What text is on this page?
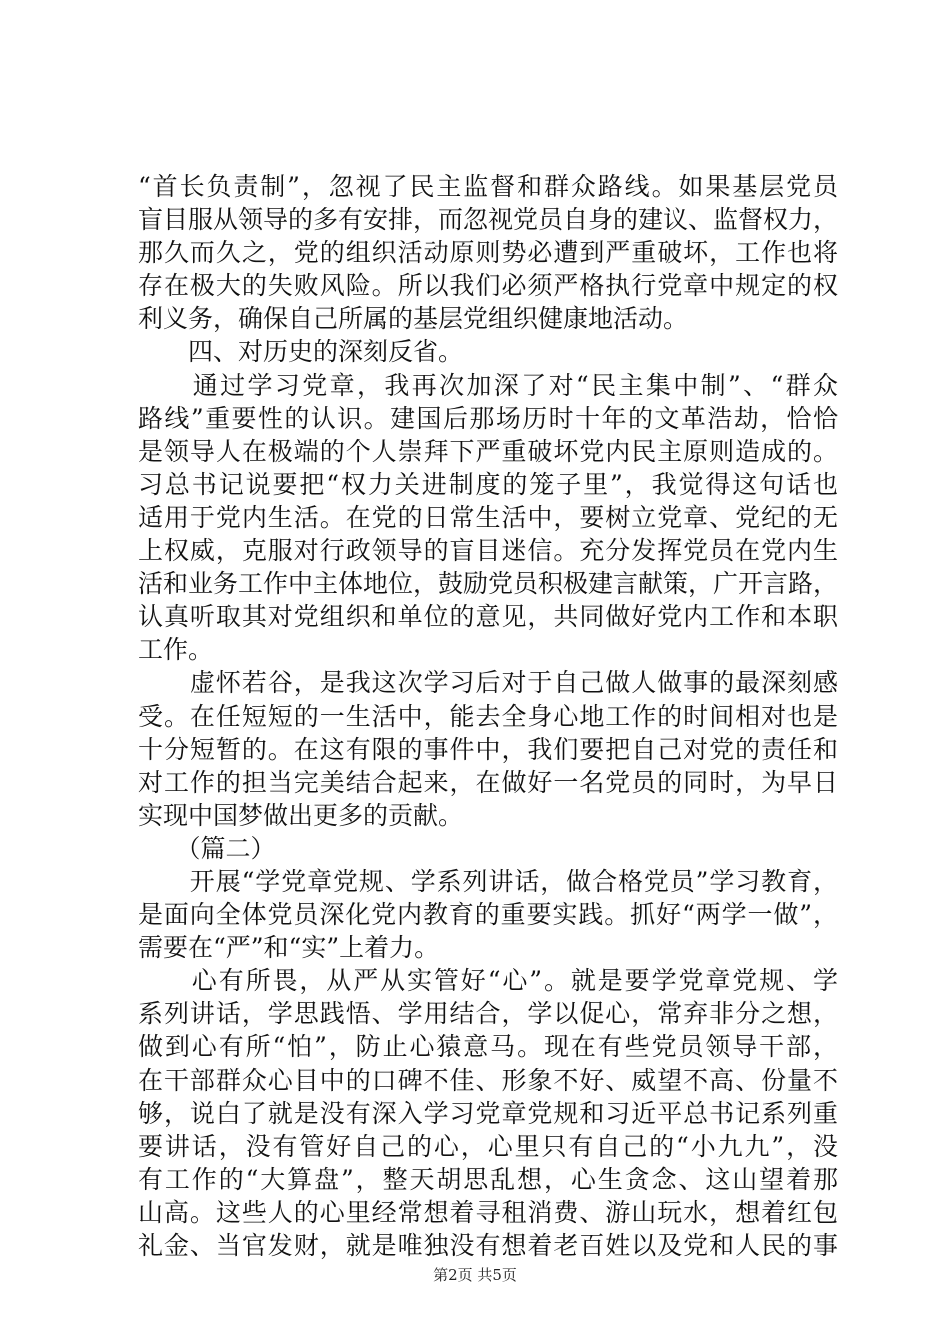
“首长负责制”，忽视了民主监督和群众路线。如果基层党员
盲目服从领导的多有安排，而忽视党员自身的建议、监督权力，
那久而久之，党的组织活动原则势必遭到严重破坏，工作也将
存在极大的失败风险。所以我们必须严格执行党章中规定的权
利义务，确保自己所属的基层党组织健康地活动。
　　四、对历史的深刻反省。
　　通过学习党章，我再次加深了对“民主集中制”、“群众
路线”重要性的认识。建国后那场历时十年的文革浩劫，恰恰
是领导人在极端的个人崇拜下严重破坏党内民主原则造成的。
习总书记说要把“权力关进制度的笼子里”，我觉得这句话也
适用于党内生活。在党的日常生活中，要树立党章、党纪的无
上权威，克服对行政领导的盲目迷信。充分发挥党员在党内生
活和业务工作中主体地位，鼓励党员积极建言献策，广开言路，
认真听取其对党组织和单位的意见，共同做好党内工作和本职
工作。
　　虚怀若谷，是我这次学习后对于自己做人做事的最深刻感
受。在任短短的一生活中，能去全身心地工作的时间相对也是
十分短暂的。在这有限的事件中，我们要把自己对党的责任和
对工作的担当完美结合起来，在做好一名党员的同时，为早日
实现中国梦做出更多的贡献。
　　（篇二）
　　开展“学党章党规、学系列讲话，做合格党员”学习教育，
是面向全体党员深化党内教育的重要实践。抓好“两学一做”，
需要在“严”和“实”上着力。
　　心有所畏，从严从实管好“心”。就是要学党章党规、学
系列讲话，学思践悟、学用结合，学以促心，常弃非分之想，
做到心有所“怕”，防止心猿意马。现在有些党员领导干部，
在干部群众心目中的口碑不佳、形象不好、威望不高、份量不
够，说白了就是没有深入学习党章党规和习近平总书记系列重
要讲话，没有管好自己的心，心里只有自己的“小九九”，没
有工作的“大算盘”，整天胡思乱想，心生贪念、这山望着那
山高。这些人的心里经常想着寻租消费、游山玩水，想着红包
礼金、当官发财，就是唯独没有想着老百姓以及党和人民的事
第2页 共5页
